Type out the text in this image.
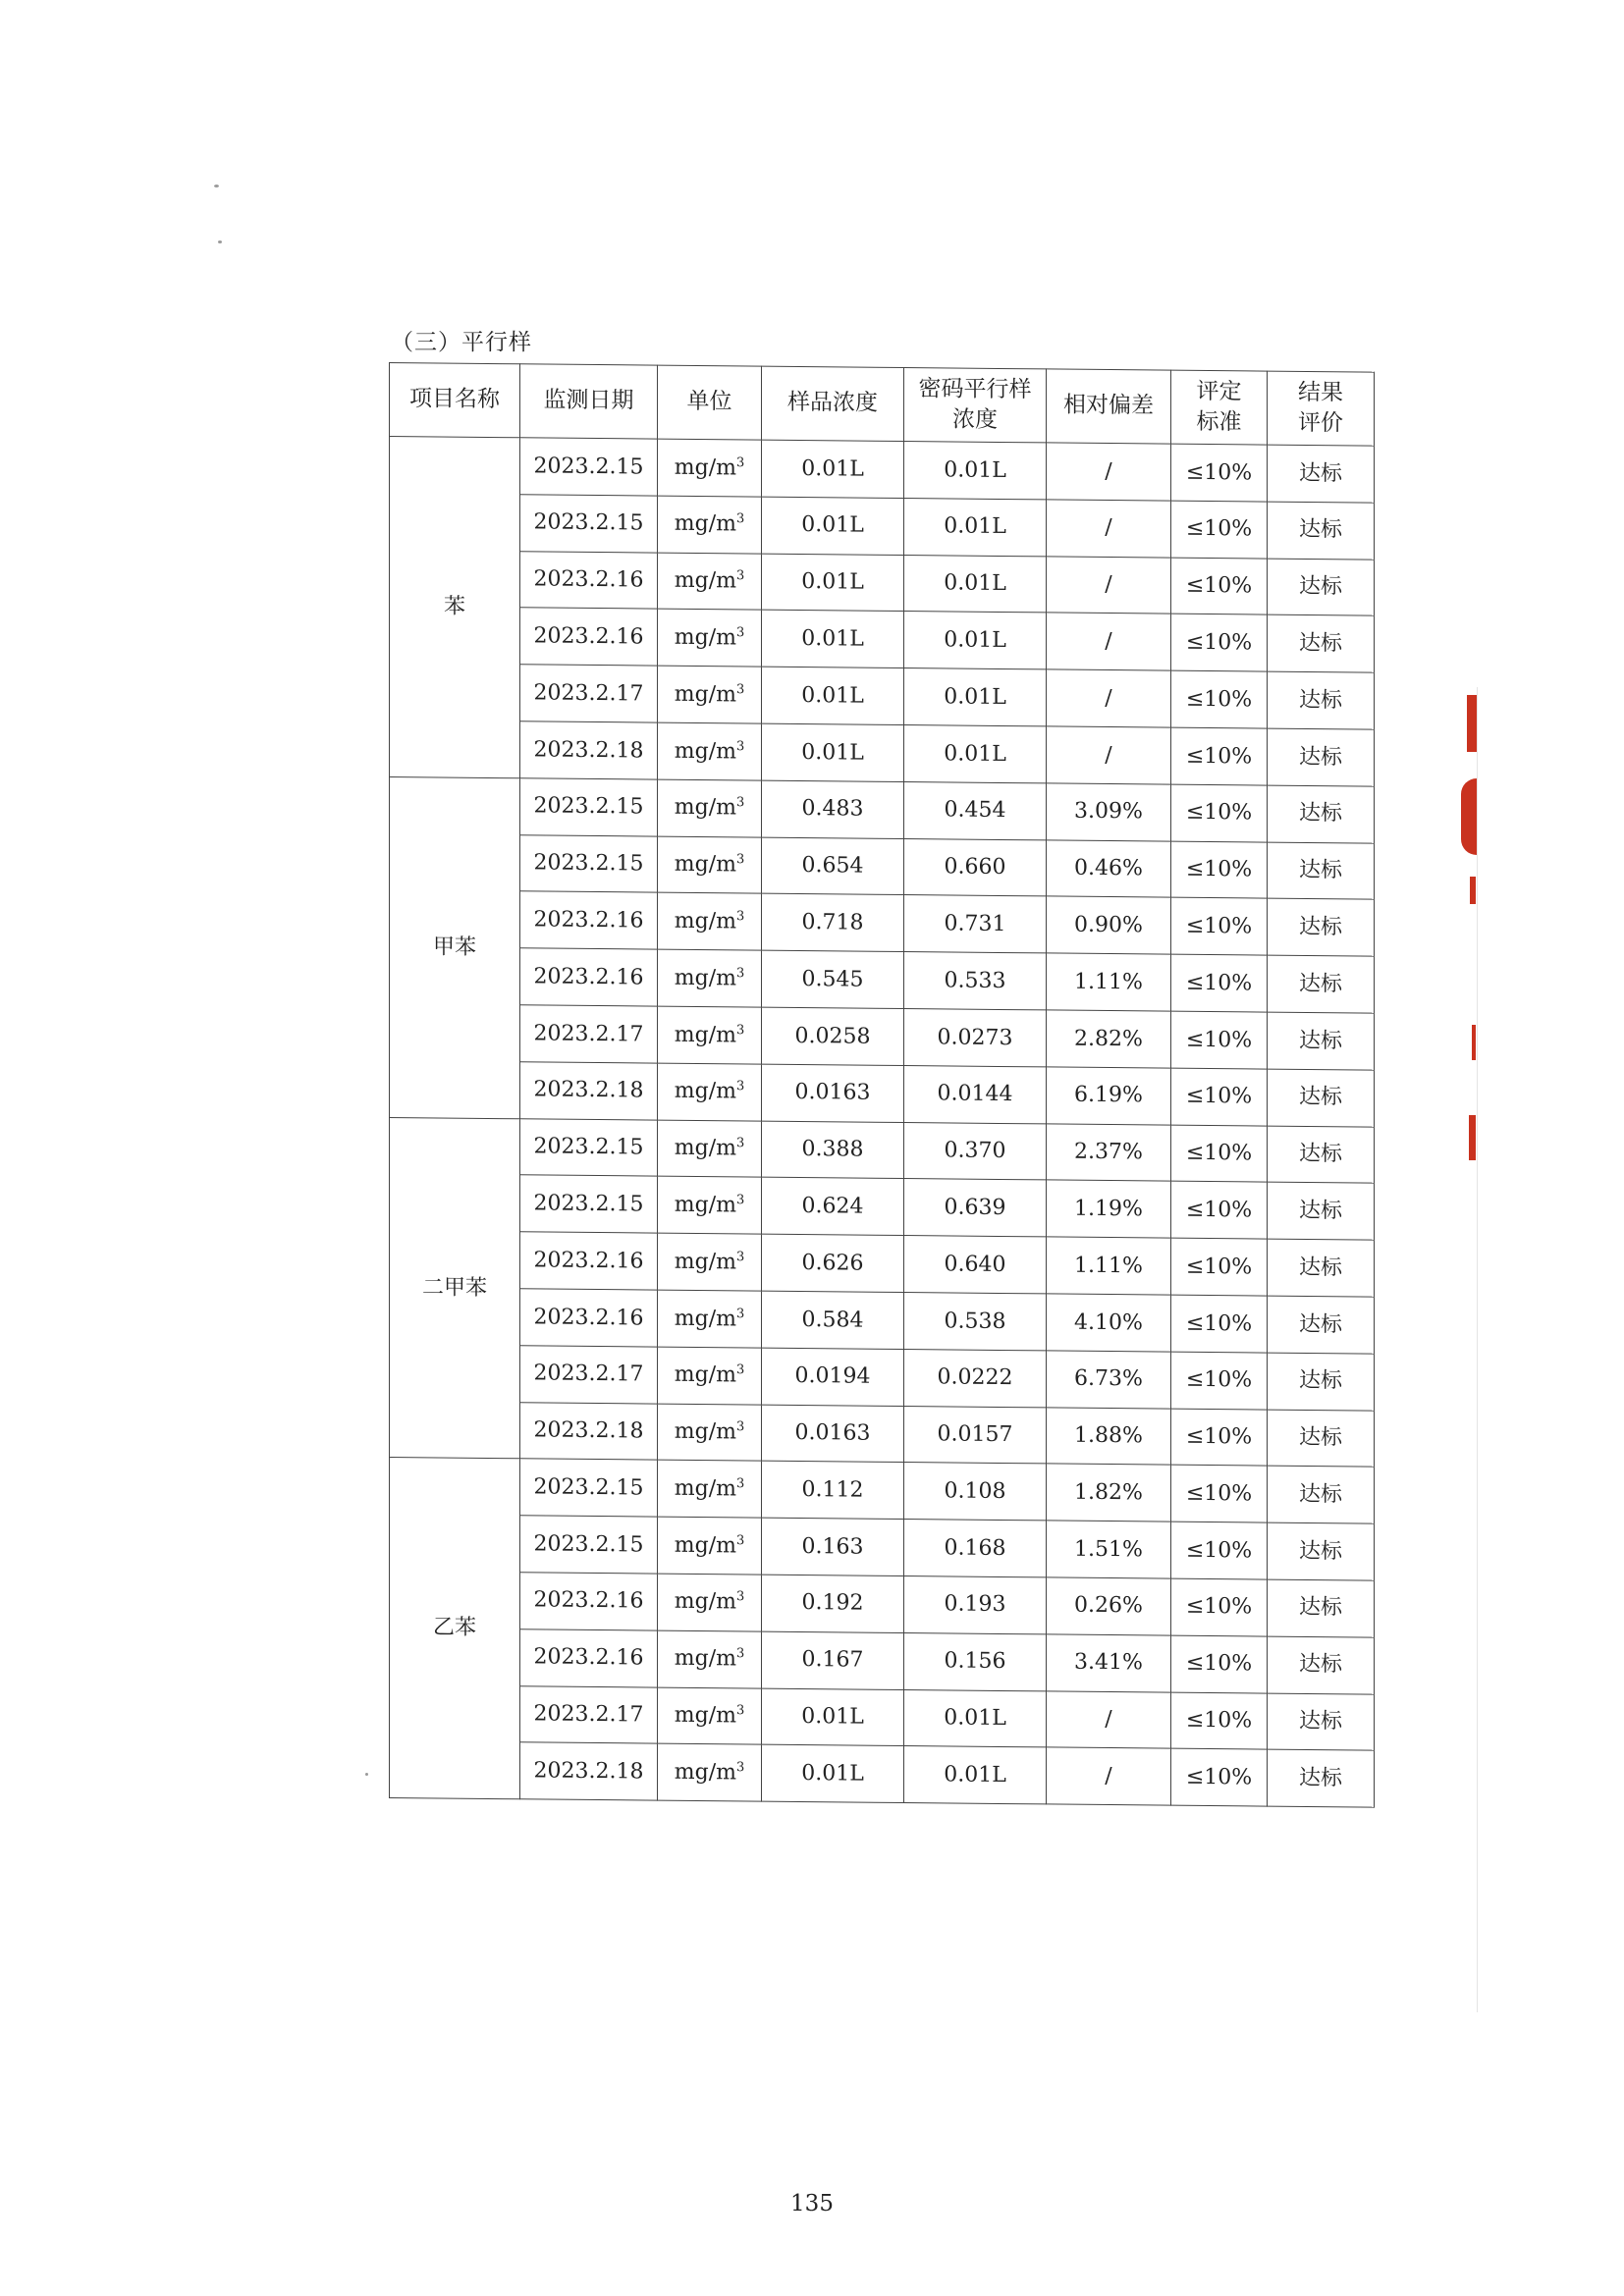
（三）平行样
项目名称	监测日期	单位	样品浓度	密码平行样浓度	相对偏差	评定标准	结果评价
苯	2023.2.15	$mg/m^3$	0.01L	0.01L	/	≤10%	达标
	2023.2.15	$mg/m^3$	0.01L	0.01L	/	≤10%	达标
	2023.2.16	$mg/m^3$	0.01L	0.01L	/	≤10%	达标
	2023.2.16	$mg/m^3$	0.01L	0.01L	/	≤10%	达标
	2023.2.17	$mg/m^3$	0.01L	0.01L	/	≤10%	达标
	2023.2.18	$mg/m^3$	0.01L	0.01L	/	≤10%	达标
甲苯	2023.2.15	$mg/m^3$	0.483	0.454	3.09%	≤10%	达标
	2023.2.15	$mg/m^3$	0.654	0.660	0.46%	≤10%	达标
	2023.2.16	$mg/m^3$	0.718	0.731	0.90%	≤10%	达标
	2023.2.16	$mg/m^3$	0.545	0.533	1.11%	≤10%	达标
	2023.2.17	$mg/m^3$	0.0258	0.0273	2.82%	≤10%	达标
	2023.2.18	$mg/m^3$	0.0163	0.0144	6.19%	≤10%	达标
二甲苯	2023.2.15	$mg/m^3$	0.388	0.370	2.37%	≤10%	达标
	2023.2.15	$mg/m^3$	0.624	0.639	1.19%	≤10%	达标
	2023.2.16	$mg/m^3$	0.626	0.640	1.11%	≤10%	达标
	2023.2.16	$mg/m^3$	0.584	0.538	4.10%	≤10%	达标
	2023.2.17	$mg/m^3$	0.0194	0.0222	6.73%	≤10%	达标
	2023.2.18	$mg/m^3$	0.0163	0.0157	1.88%	≤10%	达标
乙苯	2023.2.15	$mg/m^3$	0.112	0.108	1.82%	≤10%	达标
	2023.2.15	$mg/m^3$	0.163	0.168	1.51%	≤10%	达标
	2023.2.16	$mg/m^3$	0.192	0.193	0.26%	≤10%	达标
	2023.2.16	$mg/m^3$	0.167	0.156	3.41%	≤10%	达标
	2023.2.17	$mg/m^3$	0.01L	0.01L	/	≤10%	达标
	2023.2.18	$mg/m^3$	0.01L	0.01L	/	≤10%	达标
135
